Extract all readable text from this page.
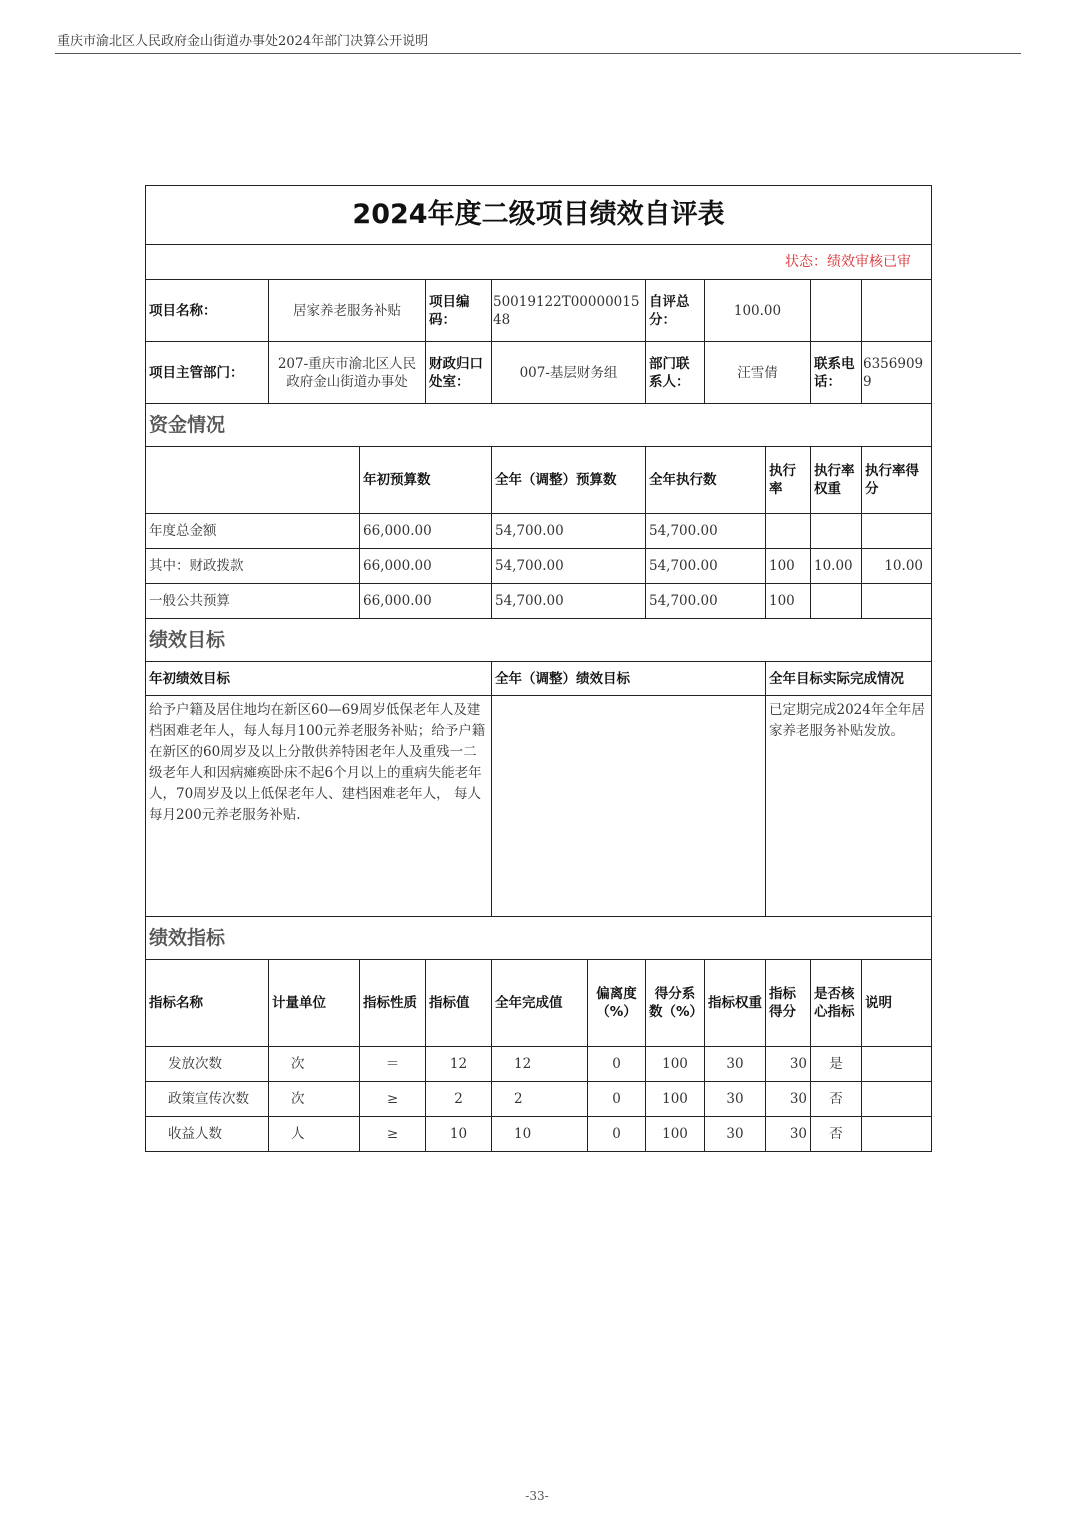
重庆市渝北区人民政府金山街道办事处2024年部门决算公开说明
2024年度二级项目绩效自评表										
状态：绩效审核已审										
项目名称：	居家养老服务补贴		项目编码：	50019122T000000154​8		自评总分：	100.00			
项目主管部门：	207-重庆市渝北区人民政府金山街道办事处		财政归口处室：	007-基层财务组		部门联系人：	汪雪倩		联系电话：	63569099
资金情况										
		年初预算数		全年（调整）预算数		全年执行数		执行率	执行率权重	执行率得分
年度总金额		66,000.00		54,700.00		54,700.00				
其中：财政拨款		66,000.00		54,700.00		54,700.00		100	10.00	10.00
一般公共预算		66,000.00		54,700.00		54,700.00		100		
绩效目标										
年初绩效目标				全年（调整）绩效目标				全年目标实际完成情况		
给予户籍及居住地均在新区60—69周岁低保老年人及建档困难老年人，每人每月100元养老服务补贴；给予户籍在新区的60周岁及以上分散供养特困老年人及重残一二级老年人和因病瘫痪卧床不起6个月以上的重病失能老年人，70周岁及以上低保老年人、建档困难老年人， 每人每月200元养老服务补贴.								已定期完成2024年全年居家养老服务补贴发放。		
绩效指标										
指标名称	计量单位	指标性质	指标值	全年完成值	偏离度（%）	得分系数（%）	指标权重	指标得分	是否核心指标	说明
发放次数	次	＝	12	12	0	100	30	30	是	
政策宣传次数	次	≥	2	2	0	100	30	30	否	
收益人数	人	≥	10	10	0	100	30	30	否	
-33-
